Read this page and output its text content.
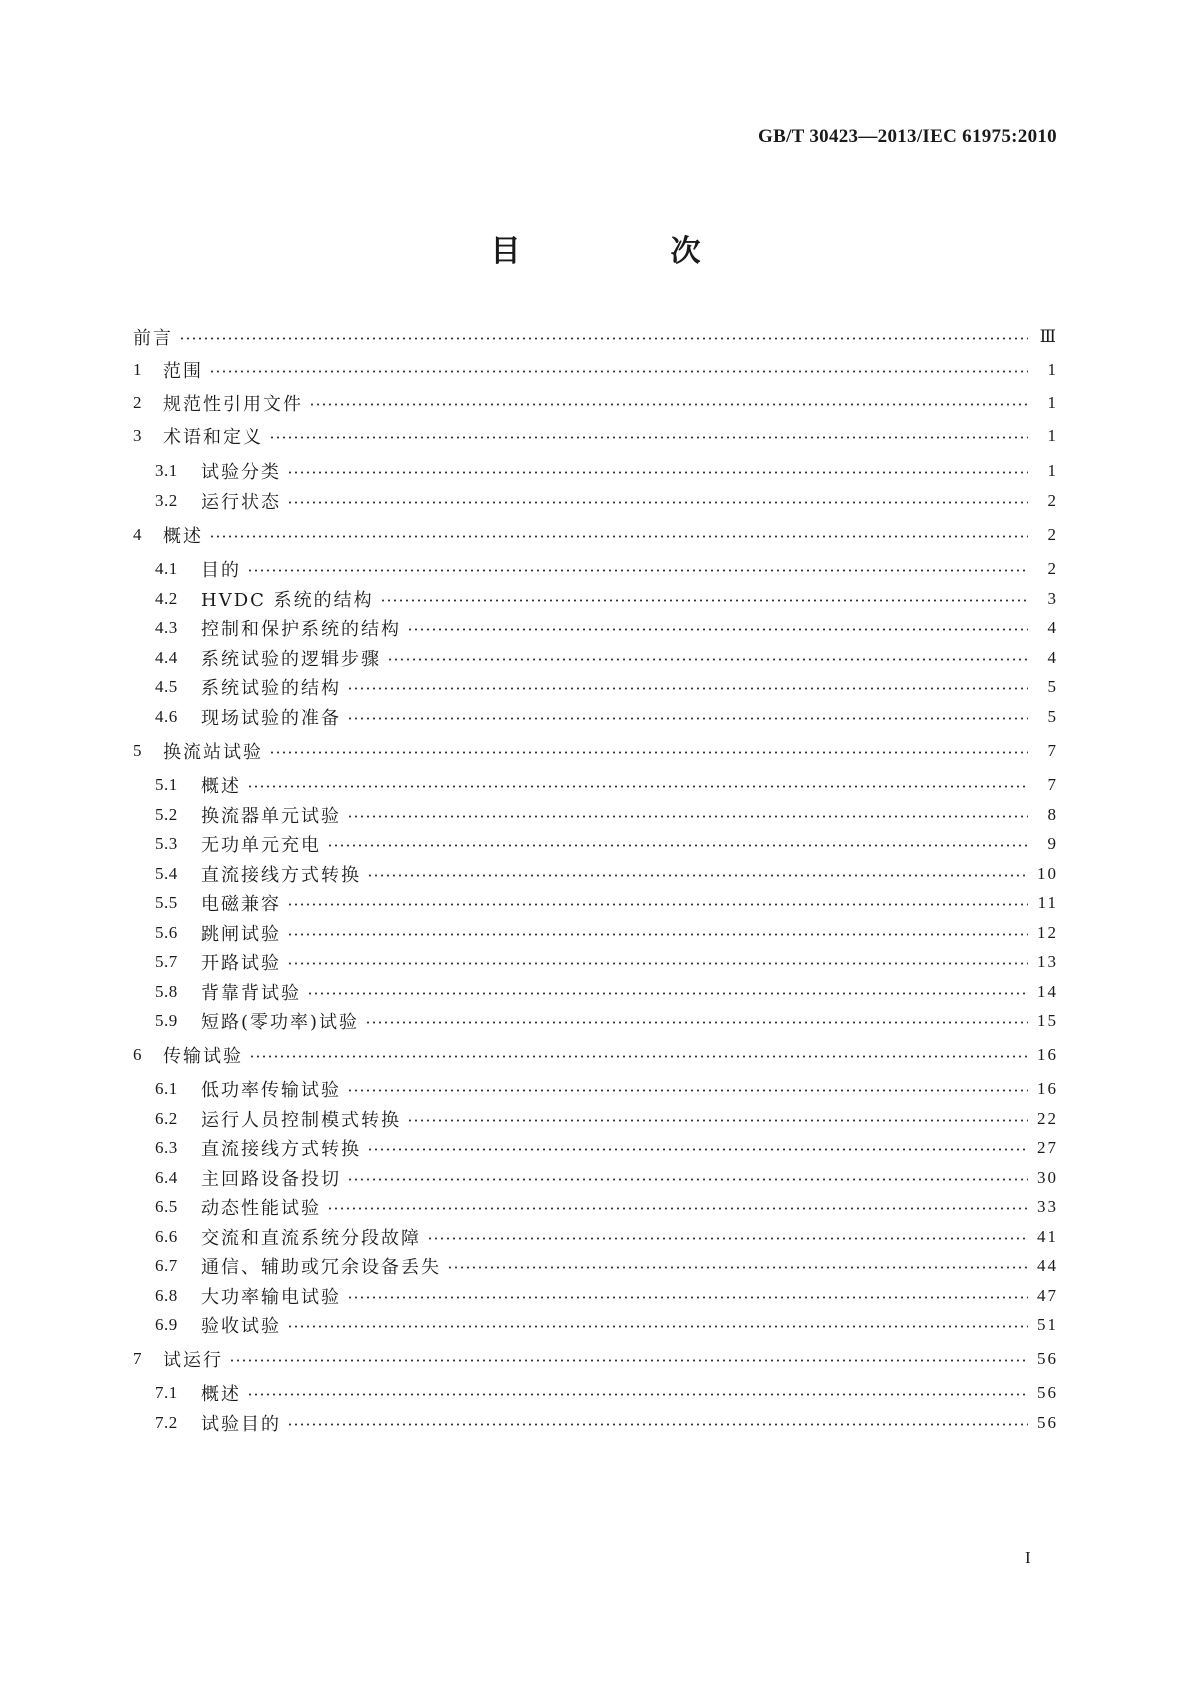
GB/T 30423—2013/IEC 61975:2010
目　次
前言	Ⅲ
1	范围	1
2	规范性引用文件	1
3	术语和定义	1
3.1	试验分类	1
3.2	运行状态	2
4	概述	2
4.1	目的	2
4.2	HVDC 系统的结构	3
4.3	控制和保护系统的结构	4
4.4	系统试验的逻辑步骤	4
4.5	系统试验的结构	5
4.6	现场试验的准备	5
5	换流站试验	7
5.1	概述	7
5.2	换流器单元试验	8
5.3	无功单元充电	9
5.4	直流接线方式转换	10
5.5	电磁兼容	11
5.6	跳闸试验	12
5.7	开路试验	13
5.8	背靠背试验	14
5.9	短路(零功率)试验	15
6	传输试验	16
6.1	低功率传输试验	16
6.2	运行人员控制模式转换	22
6.3	直流接线方式转换	27
6.4	主回路设备投切	30
6.5	动态性能试验	33
6.6	交流和直流系统分段故障	41
6.7	通信、辅助或冗余设备丢失	44
6.8	大功率输电试验	47
6.9	验收试验	51
7	试运行	56
7.1	概述	56
7.2	试验目的	56
I
